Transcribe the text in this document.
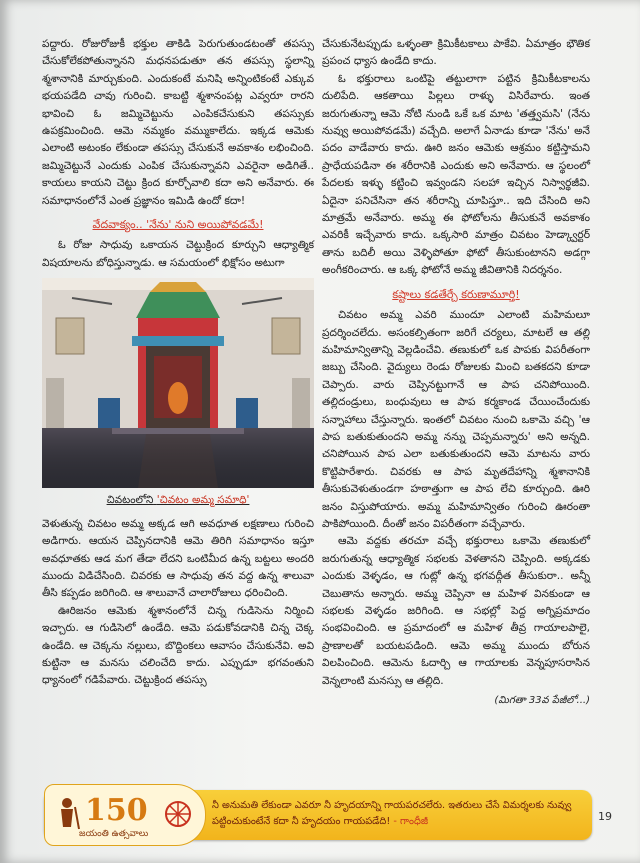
పద్దారు. రోజురోజుకీ భక్తుల తాకిడి పెరుగుతుండటంతో తపస్సు చేసుకోలేకపోతున్నానని మధనపడుతూ తన తపస్సు స్థలాన్ని శ్మశానానికి మార్చుకుంది. ఎందుకంటే మనిషి అన్నింటికంటే ఎక్కువ భయపడేది చావు గురించి. కాబట్టి శ్మశానంపట్ల ఎవ్వరూ రారని భావించి ఓ జమ్మిచెట్టును ఎంపికచేసుకుని తపస్సుకు ఉపక్రమించింది. ఆమె నమ్మకం వమ్ముకాలేదు. ఇక్కడ ఆమెకు ఎలాంటి అటంకం లేకుండా తపస్సు చేసుకునే అవకాశం లభించింది. జమ్మిచెట్టునే ఎందుకు ఎంపిక చేసుకున్నావని ఎవరైనా అడిగితే.. కాయలు కాయని చెట్టు క్రింద కూర్చోవాలి కదా అని అనేవారు. ఈ సమాధానంలోనే ఎంత ప్రజ్ఞానం ఇమిడి ఉందో కదా!

వేదవాక్యం.. 'నేను' నుని అయిపోవడమే!

ఓ రోజు సాధువు ఒకాయన చెట్టుక్రింద కూర్చుని ఆధ్యాత్మిక విషయాలను బోధిస్తున్నాడు. ఆ సమయంలో భిక్షోసం అటుగా

చివటంలోని 'చివటం అమ్మ సమాధి'

వెళుతున్న చివటం అమ్మ అక్కడ ఆగి అవధూత లక్షణాలు గురించి అడిగారు. ఆయన చెప్పినదానికి ఆమె తిరిగి సమాధానం ఇస్తూ అవధూతకు ఆడ మగ తేడా లేదని ఒంటిమీద ఉన్న బట్టలు అందరి ముందు విడిచేసింది. చివరకు ఆ సాధువు తన వద్ద ఉన్న శాలువా తీసి కప్పడం జరిగింది. ఆ శాలువానే చాలారోజులు ధరించింది.

ఊరిజనం ఆమెకు శ్మశానంలోనే చిన్న గుడిసెను నిర్మించి ఇచ్చారు. ఆ గుడిసెలో ఉండేది. ఆమె పడుకోవడానికి చిన్న చెక్క ఉండేది. ఆ చెక్కను నల్లులు, బొద్దింకలు ఆవాసం చేసుకునేవి. అవి కుట్టినా ఆ మనసు చలించేది కాదు. ఎప్పుడూ భగవంతుని ధ్యానంలో గడిపేవారు. చెట్టుక్రింద తపస్సు

చేసుకునేటప్పుడు ఒళ్ళంతా క్రిమికీటకాలు పాకేవి. ఏమాత్రం భౌతిక ప్రపంచ ధ్యాస ఉండేది కాదు.

ఓ భక్తురాలు ఒంటిపై తట్టులాగా పట్టిన క్రిమికీటకాలను దులిపేది. ఆకతాయి పిల్లలు రాళ్ళు విసిరేవారు. ఇంత జరుగుతున్నా ఆమె నోటి నుండి ఒకే ఒక మాట 'తత్త్వమసి' (నేను నువ్వు అయిపోవడమే) వచ్చేది. అలాగే ఏనాడు కూడా 'నేను' అనే పదం వాడేవారు కాదు. ఊరి జనం ఆమెకు ఆశ్రమం కట్టిస్తామని ప్రాధేయపడినా ఈ శరీరానికి ఎందుకు అని అనేవారు. ఆ స్థలంలో పేదలకు ఇళ్ళు కట్టించి ఇవ్వండని సలహా ఇచ్చిన నిస్వార్థజీవి. ఏదైనా పనిచేసినా తన శరీరాన్ని చూపిస్తూ.. ఇది చేసింది అని మాత్రమే అనేవారు. అమ్మ ఈ ఫోటోలను తీసుకునే అవకాశం ఎవరికీ ఇచ్చేవారు కాదు. ఒక్కసారి మాత్రం చివటం హెడ్క్వార్టర్ తాను బదిలీ అయి వెళ్ళిపోతూ ఫోటో తీసుకుంటానని అడగ్గా అంగీకరించారు. ఆ ఒక్క ఫోటోనే అమ్మ జీవితానికి నిదర్శనం.

కష్టాలు కడతేర్చే కరుణామూర్తి!

చివటం అమ్మ ఎవరి ముందూ ఎలాంటి మహిమలూ ప్రదర్శించలేదు. అసంకల్పితంగా జరిగే చర్యలు, మాటలే ఆ తల్లి మహిమాన్వితాన్ని వెల్లడించేవి. తణుకులో ఒక పాపకు విపరీతంగా జబ్బు చేసింది. వైద్యులు రెండు రోజులకు మించి బతకదని కూడా చెప్పారు. వారు చెప్పినట్టుగానే ఆ పాప చనిపోయింది. తల్లిదండ్రులు, బంధువులు ఆ పాప కర్మకాండ చేయించేందుకు సన్నాహాలు చేస్తున్నారు. ఇంతలో చివటం నుంచి ఒకామె వచ్చి 'ఆ పాప బతుకుతుందని అమ్మ నన్ను చెప్పమన్నారు' అని అన్నది. చనిపోయిన పాప ఎలా బతుకుతుందని ఆమె మాటను వారు కొట్టిపారేశారు. చివరకు ఆ పాప మృతదేహాన్ని శ్మశానానికి తీసుకువెళుతుండగా హఠాత్తుగా ఆ పాప లేచి కూర్చుంది. ఊరి జనం విస్తుపోయారు. అమ్మ మహిమాన్వితం గురించి ఊరంతా పాకిపోయింది. దీంతో జనం విపరీతంగా వచ్చేవారు.

ఆమె వద్దకు తరచూ వచ్చే భక్తురాలు ఒకామె తణుకులో జరుగుతున్న ఆధ్యాత్మిక సభలకు వెళతానని చెప్పింది. అక్కడకు ఎందుకు వెళ్ళడం, ఆ గుట్లో ఉన్న భగవద్గీత తీసుకురా.. అన్నీ చెబుతాను అన్నారు. అమ్మ చెప్పినా ఆ మహిళ వినకుండా ఆ సభలకు వెళ్ళడం జరిగింది. ఆ సభల్లో పెద్ద అగ్నిప్రమాదం సంభవించింది. ఆ ప్రమాదంలో ఆ మహిళ తీవ్ర గాయాలపాలై, ప్రాణాలతో బయటపడింది. ఆమె అమ్మ ముందు బోరున విలపించింది. ఆమెను ఓదార్చి ఆ గాయాలకు వెన్నపూసరాసిన వెన్నలాంటి మనస్సు ఆ తల్లిది.

(మిగతా 33వ పేజీలో...)
150
జయంతి ఉత్సవాలు
నీ అనుమతి లేకుండా ఎవరూ నీ హృదయాన్ని గాయపరచలేరు. ఇతరులు చేసే విమర్శలకు నువ్వు పట్టించుకుంటేనే కదా నీ హృదయం గాయపడేది! - గాంధీజీ	19
